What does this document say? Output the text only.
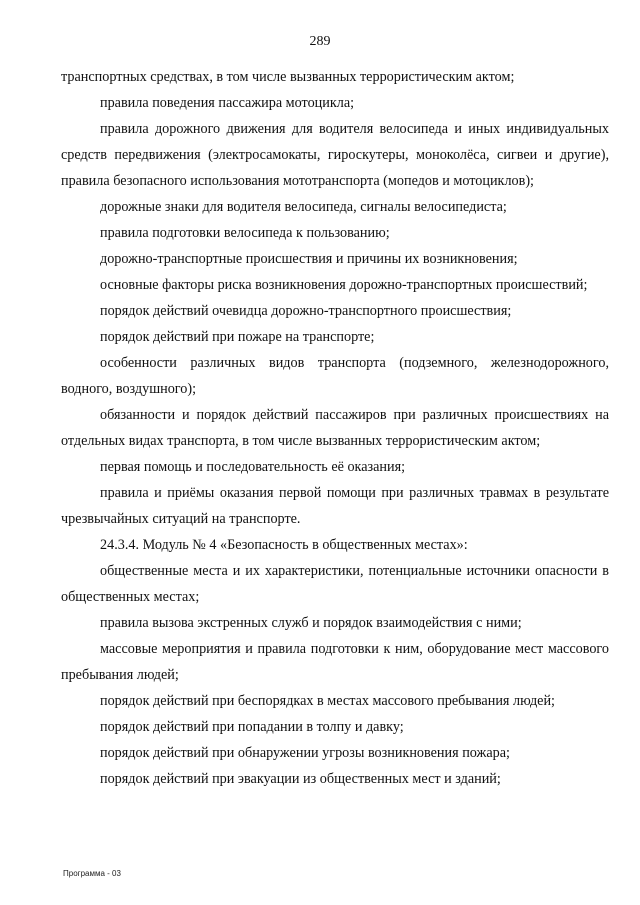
289

транспортных средствах, в том числе вызванных террористическим актом;

правила поведения пассажира мотоцикла;

правила дорожного движения для водителя велосипеда и иных индивидуальных средств передвижения (электросамокаты, гироскутеры, моноколёса, сигвеи и другие), правила безопасного использования мототранспорта (мопедов и мотоциклов);

дорожные знаки для водителя велосипеда, сигналы велосипедиста;

правила подготовки велосипеда к пользованию;

дорожно-транспортные происшествия и причины их возникновения;

основные факторы риска возникновения дорожно-транспортных происшествий;

порядок действий очевидца дорожно-транспортного происшествия;

порядок действий при пожаре на транспорте;

особенности различных видов транспорта (подземного, железнодорожного, водного, воздушного);

обязанности и порядок действий пассажиров при различных происшествиях на отдельных видах транспорта, в том числе вызванных террористическим актом;

первая помощь и последовательность её оказания;

правила и приёмы оказания первой помощи при различных травмах в результате чрезвычайных ситуаций на транспорте.

24.3.4. Модуль № 4 «Безопасность в общественных местах»:

общественные места и их характеристики, потенциальные источники опасности в общественных местах;

правила вызова экстренных служб и порядок взаимодействия с ними;

массовые мероприятия и правила подготовки к ним, оборудование мест массового пребывания людей;

порядок действий при беспорядках в местах массового пребывания людей;

порядок действий при попадании в толпу и давку;

порядок действий при обнаружении угрозы возникновения пожара;

порядок действий при эвакуации из общественных мест и зданий;

Программа - 03
